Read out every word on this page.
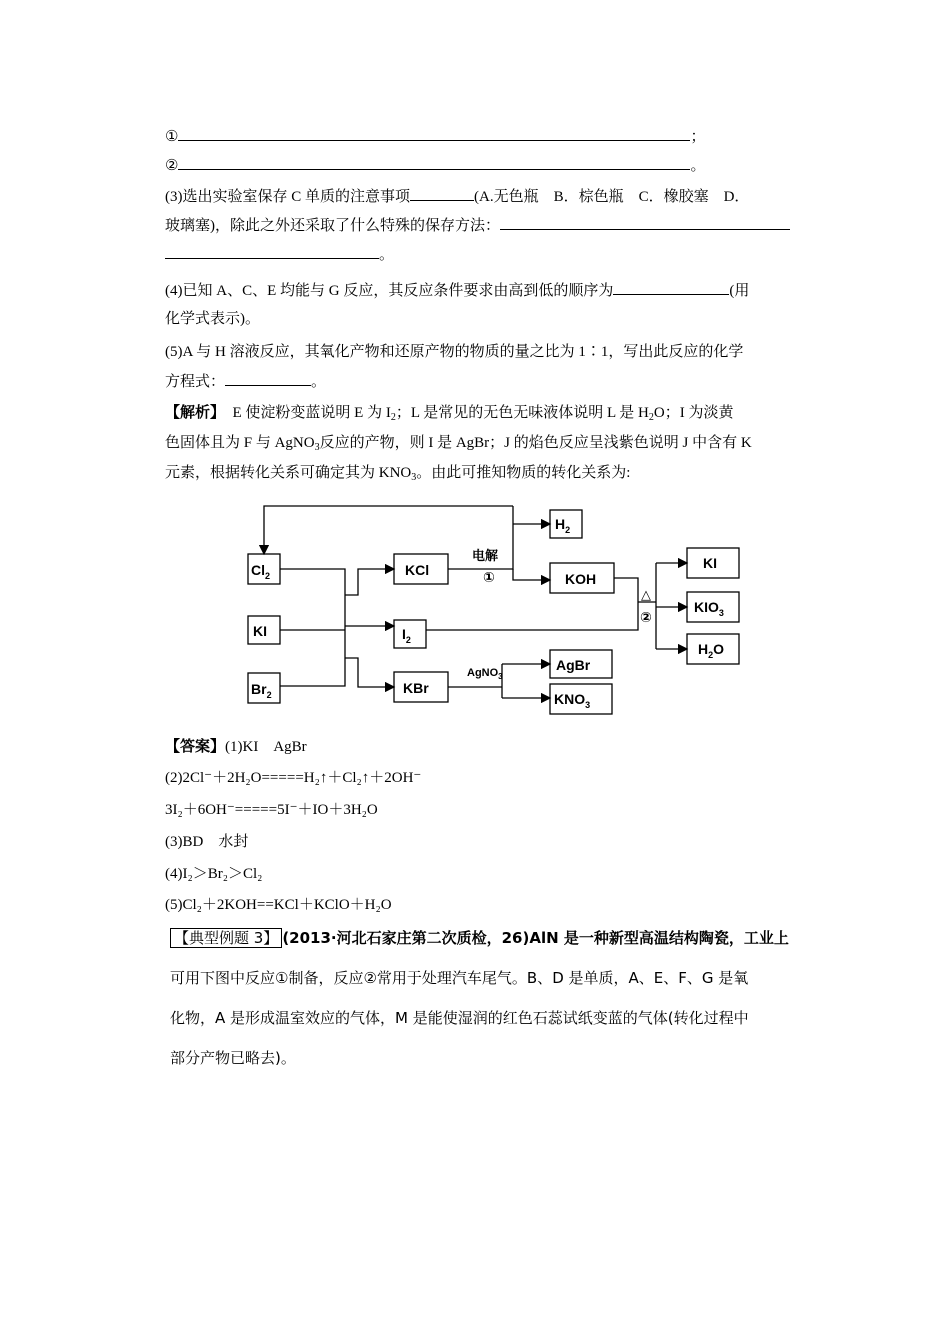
①	；
②	。
(3)选出实验室保存 C 单质的注意事项	(A.无色瓶　B．棕色瓶　C．橡胶塞　D．
玻璃塞)，除此之外还采取了什么特殊的保存方法：
。
(4)已知 A、C、E 均能与 G 反应，其反应条件要求由高到低的顺序为	(用
化学式表示)。
(5)A 与 H 溶液反应，其氧化产物和还原产物的物质的量之比为 1∶1，写出此反应的化学
方程式：	。
【解析】 E 使淀粉变蓝说明 E 为 $I_2$；L 是常见的无色无味液体说明 L 是 $H_2O$；I 为淡黄
色固体且为 F 与 AgNO$_3$反应的产物，则 I 是 AgBr；J 的焰色反应呈浅紫色说明 J 中含有 K
元素，根据转化关系可确定其为 $KNO_3$。由此可推知物质的转化关系为:
$Cl_2$
KI
$Br_2$
KCl
$I_2$
KBr
$H_2$
KOH
AgBr
$KNO_3$
KI
$KIO_3$
$H_2O$
电解
①
△
②
AgNO$_3$
【答案】(1)KI　AgBr
(2)2Cl⁻＋2H₂O=====H₂↑＋Cl₂↑＋2OH⁻
3I₂＋6OH⁻=====5I⁻＋IO＋3H₂O
(3)BD　水封
(4)I₂＞Br₂＞Cl₂
(5)Cl₂＋2KOH==KCl＋KClO＋H₂O
【典型例题 3】 (2013·河北石家庄第二次质检，26)AlN 是一种新型高温结构陶瓷，工业上
可用下图中反应①制备，反应②常用于处理汽车尾气。B、D 是单质，A、E、F、G 是氧
化物，A 是形成温室效应的气体，M 是能使湿润的红色石蕊试纸变蓝的气体(转化过程中
部分产物已略去)。
